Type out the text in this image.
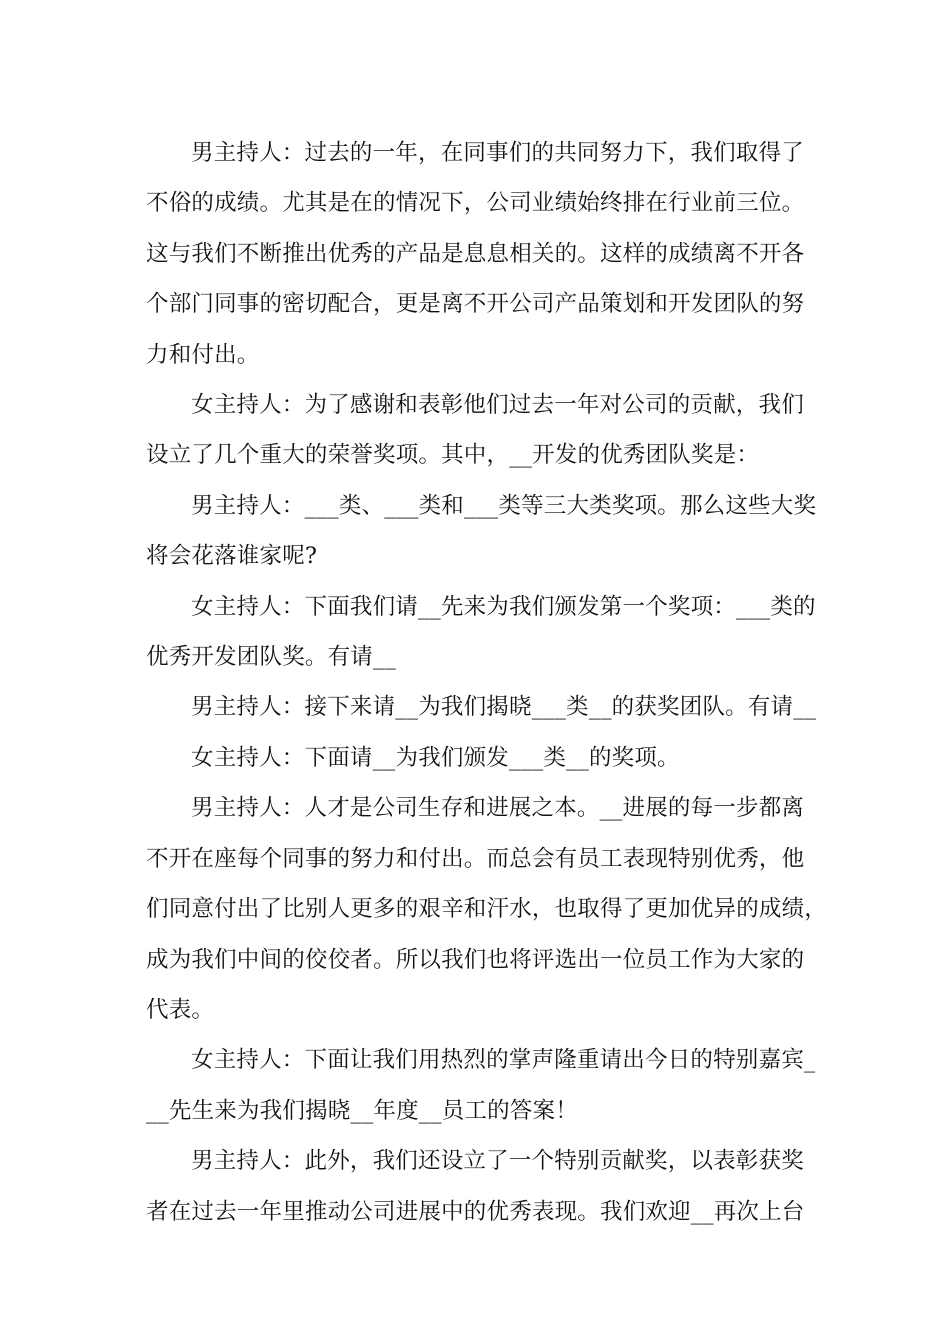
男主持人：过去的一年，在同事们的共同努力下，我们取得了
不俗的成绩。尤其是在的情况下，公司业绩始终排在行业前三位。
这与我们不断推出优秀的产品是息息相关的。这样的成绩离不开各
个部门同事的密切配合，更是离不开公司产品策划和开发团队的努
力和付出。

女主持人：为了感谢和表彰他们过去一年对公司的贡献，我们
设立了几个重大的荣誉奖项。其中，__开发的优秀团队奖是：

男主持人：___类、___类和___类等三大类奖项。那么这些大奖
将会花落谁家呢?

女主持人：下面我们请__先来为我们颁发第一个奖项：___类的
优秀开发团队奖。有请__

男主持人：接下来请__为我们揭晓___类__的获奖团队。有请__

女主持人：下面请__为我们颁发___类__的奖项。

男主持人：人才是公司生存和进展之本。__进展的每一步都离
不开在座每个同事的努力和付出。而总会有员工表现特别优秀，他
们同意付出了比别人更多的艰辛和汗水，也取得了更加优异的成绩，
成为我们中间的佼佼者。所以我们也将评选出一位员工作为大家的
代表。

女主持人：下面让我们用热烈的掌声隆重请出今日的特别嘉宾_
__先生来为我们揭晓__年度__员工的答案！

男主持人：此外，我们还设立了一个特别贡献奖，以表彰获奖
者在过去一年里推动公司进展中的优秀表现。我们欢迎__再次上台
